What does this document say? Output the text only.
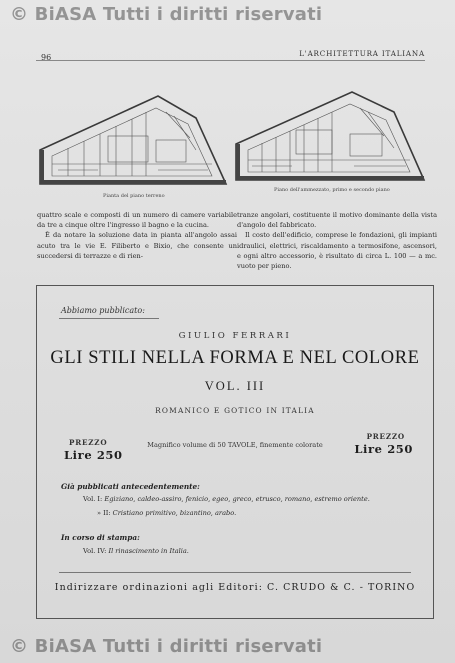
© BiASA Tutti i diritti riservati
96	L'ARCHITETTURA ITALIANA
Pianta del piano terreno
Piano dell'ammezzato, primo e secondo piano

quattro scale e composti di un numero di camere variabile da tre a cinque oltre l'ingresso il bagno e la cucina.

Ê da notare la soluzione data in pianta all'angolo assai acuto tra le vie E. Filiberto e Bixio, che consente un succedersi di terrazze e di rien-

tranze angolari, costituente il motivo dominante della vista d'angolo del fabbricato.

Il costo dell'edificio, comprese le fondazioni, gli impianti idraulici, elettrici, riscaldamento a termosifone, ascensori, e ogni altro accessorio, è risultato di circa L. 100 — a mc. vuoto per pieno.

Abbiamo pubblicato:
GIULIO FERRARI
GLI STILI NELLA FORMA E NEL COLORE
VOL. III
ROMANICO E GOTICO IN ITALIA
PREZZO
Lire 250
PREZZO
Lire 250
Magnifico volume di 50 TAVOLE, finemente colorate
Già pubblicati antecedentemente:
Vol. I: Egiziano, caldeo-assiro, fenicio, egeo, greco, etrusco, romano, estremo oriente.
» II: Cristiano primitivo, bizantino, arabo.
In corso di stampa:
Vol. IV: Il rinascimento in Italia.
Indirizzare ordinazioni agli Editori: C. CRUDO & C. - TORINO
© BiASA Tutti i diritti riservati
